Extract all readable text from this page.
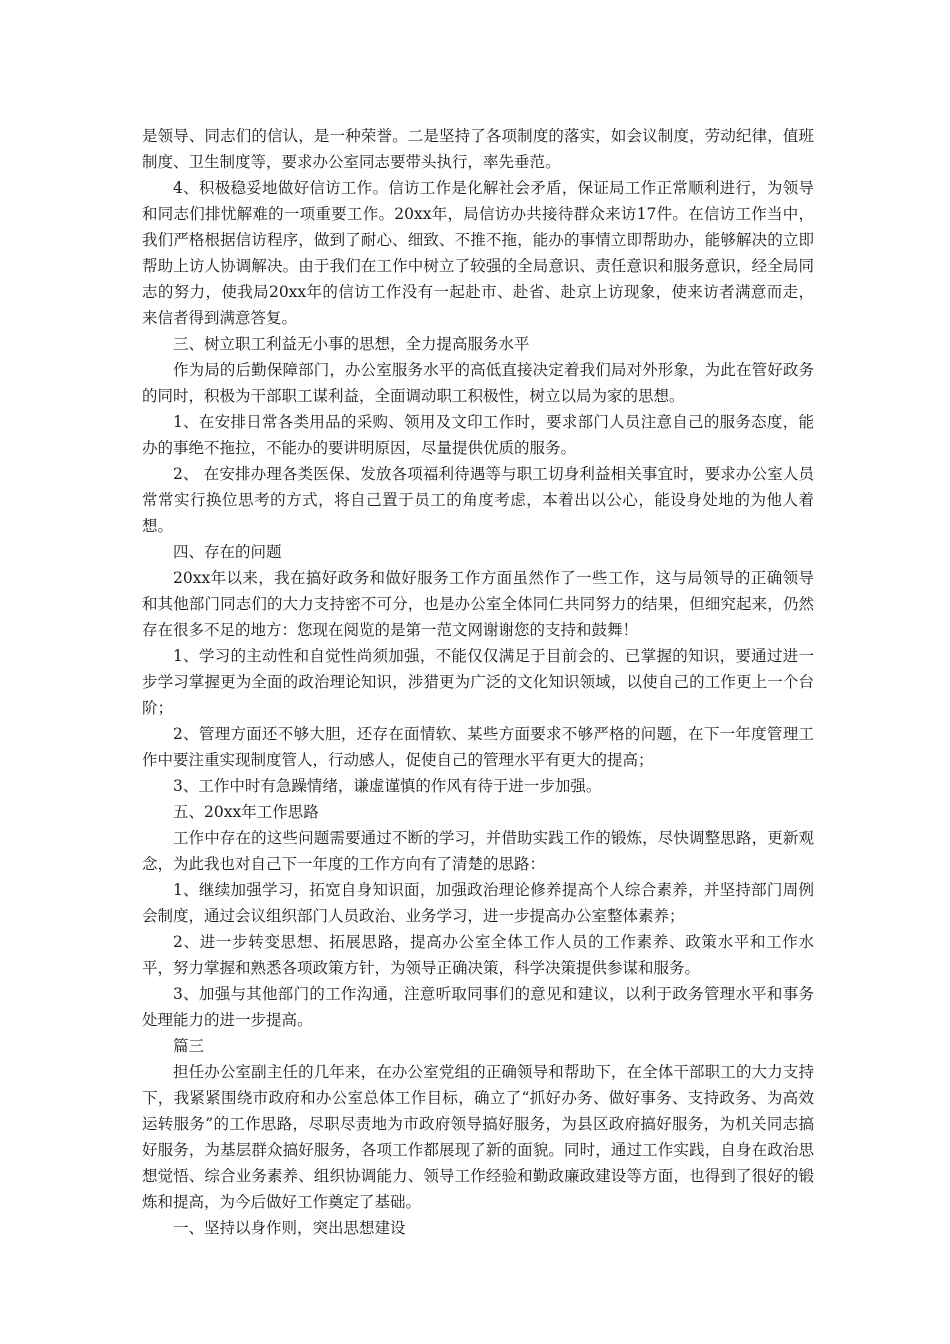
是领导、同志们的信认，是一种荣誉。二是坚持了各项制度的落实，如会议制度，劳动纪律，值班制度、卫生制度等，要求办公室同志要带头执行，率先垂范。

4、积极稳妥地做好信访工作。信访工作是化解社会矛盾，保证局工作正常顺利进行，为领导和同志们排忧解难的一项重要工作。20xx年，局信访办共接待群众来访17件。在信访工作当中，我们严格根据信访程序，做到了耐心、细致、不推不拖，能办的事情立即帮助办，能够解决的立即帮助上访人协调解决。由于我们在工作中树立了较强的全局意识、责任意识和服务意识，经全局同志的努力，使我局20xx年的信访工作没有一起赴市、赴省、赴京上访现象，使来访者满意而走，来信者得到满意答复。

三、树立职工利益无小事的思想，全力提高服务水平

作为局的后勤保障部门，办公室服务水平的高低直接决定着我们局对外形象，为此在管好政务的同时，积极为干部职工谋利益，全面调动职工积极性，树立以局为家的思想。

1、在安排日常各类用品的采购、领用及文印工作时，要求部门人员注意自己的服务态度，能办的事绝不拖拉，不能办的要讲明原因，尽量提供优质的服务。

2、 在安排办理各类医保、发放各项福利待遇等与职工切身利益相关事宜时，要求办公室人员常常实行换位思考的方式，将自己置于员工的角度考虑，本着出以公心，能设身处地的为他人着想。

四、存在的问题

20xx年以来，我在搞好政务和做好服务工作方面虽然作了一些工作，这与局领导的正确领导和其他部门同志们的大力支持密不可分，也是办公室全体同仁共同努力的结果，但细究起来，仍然存在很多不足的地方：您现在阅览的是第一范文网谢谢您的支持和鼓舞！

1、学习的主动性和自觉性尚须加强，不能仅仅满足于目前会的、已掌握的知识，要通过进一步学习掌握更为全面的政治理论知识，涉猎更为广泛的文化知识领域，以使自己的工作更上一个台阶；

2、管理方面还不够大胆，还存在面情软、某些方面要求不够严格的问题，在下一年度管理工作中要注重实现制度管人，行动感人，促使自己的管理水平有更大的提高；

3、工作中时有急躁情绪，谦虚谨慎的作风有待于进一步加强。

五、20xx年工作思路

工作中存在的这些问题需要通过不断的学习，并借助实践工作的锻炼，尽快调整思路，更新观念，为此我也对自己下一年度的工作方向有了清楚的思路：

1、继续加强学习，拓宽自身知识面，加强政治理论修养提高个人综合素养，并坚持部门周例会制度，通过会议组织部门人员政治、业务学习，进一步提高办公室整体素养；

2、进一步转变思想、拓展思路，提高办公室全体工作人员的工作素养、政策水平和工作水平，努力掌握和熟悉各项政策方针，为领导正确决策，科学决策提供参谋和服务。

3、加强与其他部门的工作沟通，注意听取同事们的意见和建议，以利于政务管理水平和事务处理能力的进一步提高。

篇三

担任办公室副主任的几年来，在办公室党组的正确领导和帮助下，在全体干部职工的大力支持下，我紧紧围绕市政府和办公室总体工作目标，确立了“抓好办务、做好事务、支持政务、为高效运转服务”的工作思路，尽职尽责地为市政府领导搞好服务，为县区政府搞好服务，为机关同志搞好服务，为基层群众搞好服务，各项工作都展现了新的面貌。同时，通过工作实践，自身在政治思想觉悟、综合业务素养、组织协调能力、领导工作经验和勤政廉政建设等方面，也得到了很好的锻炼和提高，为今后做好工作奠定了基础。

一、坚持以身作则，突出思想建设
